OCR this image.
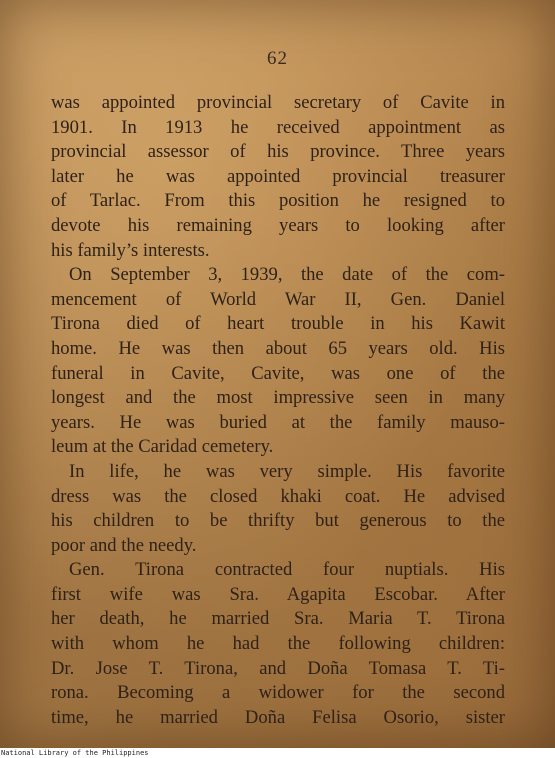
62
was appointed provincial secretary of Cavite in
1901. In 1913 he received appointment as
provincial assessor of his province. Three years
later he was appointed provincial treasurer
of Tarlac. From this position he resigned to
devote his remaining years to looking after
his family’s interests.
On September 3, 1939, the date of the com-
mencement of World War II, Gen. Daniel
Tirona died of heart trouble in his Kawit
home. He was then about 65 years old. His
funeral in Cavite, Cavite, was one of the
longest and the most impressive seen in many
years. He was buried at the family mauso-
leum at the Caridad cemetery.
In life, he was very simple. His favorite
dress was the closed khaki coat. He advised
his children to be thrifty but generous to the
poor and the needy.
Gen. Tirona contracted four nuptials. His
first wife was Sra. Agapita Escobar. After
her death, he married Sra. Maria T. Tirona
with whom he had the following children:
Dr. Jose T. Tirona, and Doña Tomasa T. Ti-
rona. Becoming a widower for the second
time, he married Doña Felisa Osorio, sister
National Library of the Philippines
